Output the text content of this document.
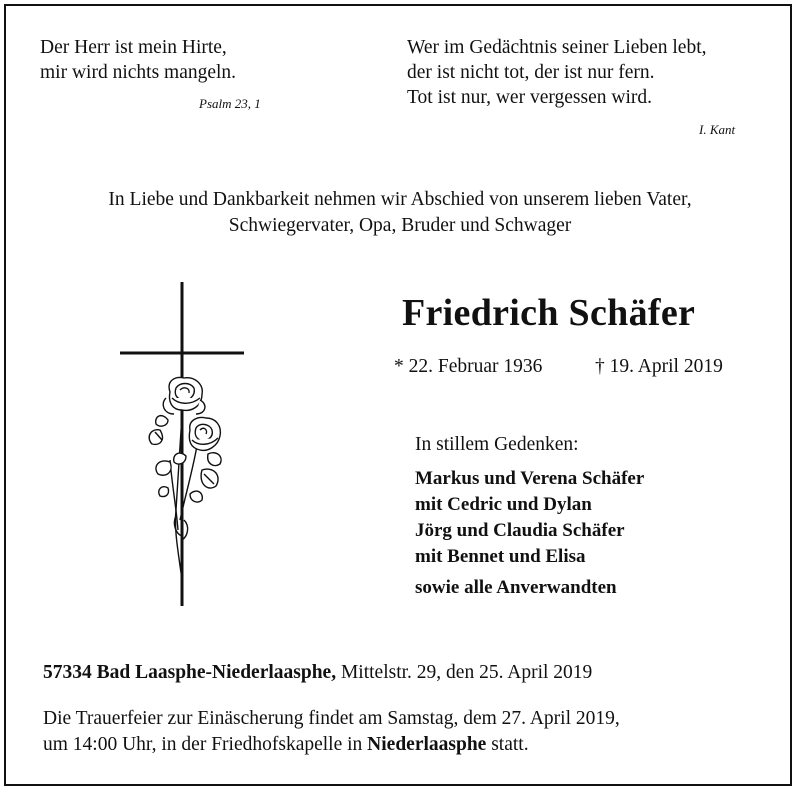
Der Herr ist mein Hirte,
mir wird nichts mangeln.
Psalm 23, 1
Wer im Gedächtnis seiner Lieben lebt,
der ist nicht tot, der ist nur fern.
Tot ist nur, wer vergessen wird.
I. Kant
In Liebe und Dankbarkeit nehmen wir Abschied von unserem lieben Vater,
Schwiegervater, Opa, Bruder und Schwager
Friedrich Schäfer
* 22. Februar 1936	† 19. April 2019
In stillem Gedenken:
Markus und Verena Schäfer
mit Cedric und Dylan
Jörg und Claudia Schäfer
mit Bennet und Elisa
sowie alle Anverwandten
57334 Bad Laasphe-Niederlaasphe, Mittelstr. 29, den 25. April 2019
Die Trauerfeier zur Einäscherung findet am Samstag, dem 27. April 2019,
um 14:00 Uhr, in der Friedhofskapelle in Niederlaasphe statt.
